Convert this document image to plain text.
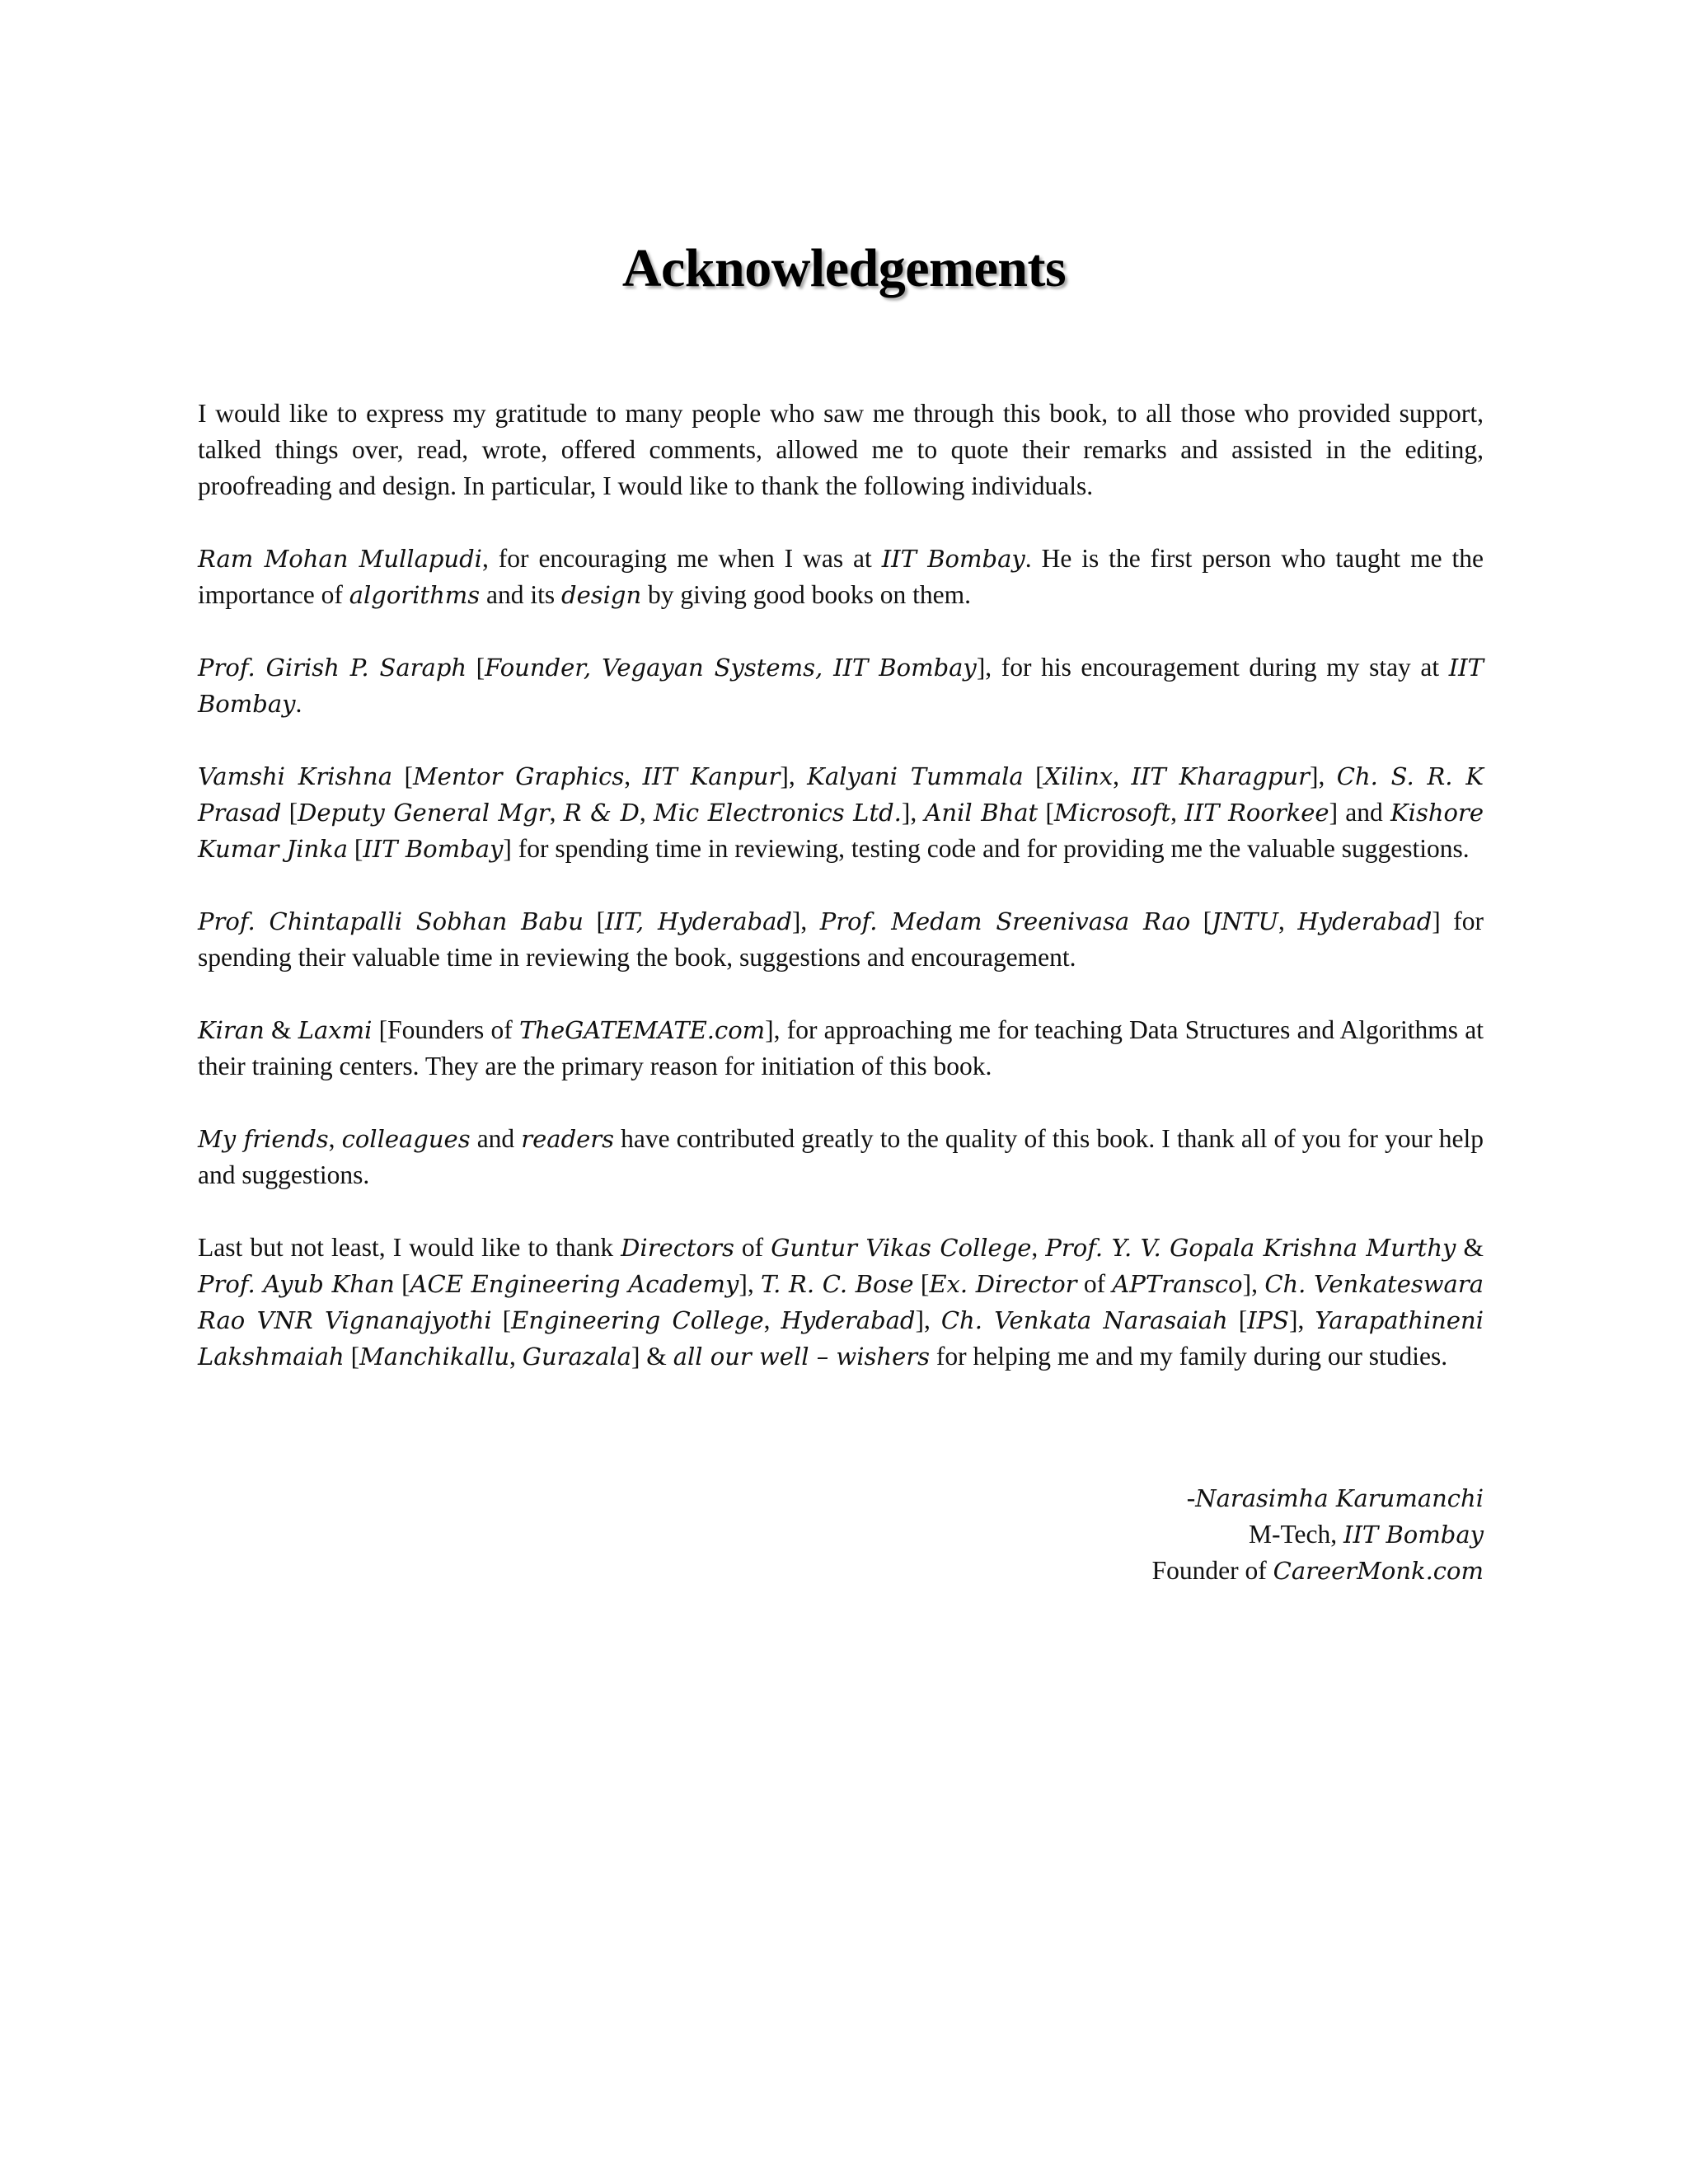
Acknowledgements

I would like to express my gratitude to many people who saw me through this book, to all those who provided support, talked things over, read, wrote, offered comments, allowed me to quote their remarks and assisted in the editing, proofreading and design. In particular, I would like to thank the following individuals.

Ram Mohan Mullapudi, for encouraging me when I was at IIT Bombay. He is the first person who taught me the importance of algorithms and its design by giving good books on them.

Prof. Girish P. Saraph [Founder, Vegayan Systems, IIT Bombay], for his encouragement during my stay at IIT Bombay.

Vamshi Krishna [Mentor Graphics, IIT Kanpur], Kalyani Tummala [Xilinx, IIT Kharagpur], Ch. S. R. K Prasad [Deputy General Mgr, R & D, Mic Electronics Ltd.], Anil Bhat [Microsoft, IIT Roorkee] and Kishore Kumar Jinka [IIT Bombay] for spending time in reviewing, testing code and for providing me the valuable suggestions.

Prof. Chintapalli Sobhan Babu [IIT, Hyderabad], Prof. Medam Sreenivasa Rao [JNTU, Hyderabad] for spending their valuable time in reviewing the book, suggestions and encouragement.

Kiran & Laxmi [Founders of TheGATEMATE.com], for approaching me for teaching Data Structures and Algorithms at their training centers. They are the primary reason for initiation of this book.

My friends, colleagues and readers have contributed greatly to the quality of this book. I thank all of you for your help and suggestions.

Last but not least, I would like to thank Directors of Guntur Vikas College, Prof. Y. V. Gopala Krishna Murthy & Prof. Ayub Khan [ACE Engineering Academy], T. R. C. Bose [Ex. Director of APTransco], Ch. Venkateswara Rao VNR Vignanajyothi [Engineering College, Hyderabad], Ch. Venkata Narasaiah [IPS], Yarapathineni Lakshmaiah [Manchikallu, Gurazala] & all our well – wishers for helping me and my family during our studies.

-Narasimha Karumanchi
M-Tech, IIT Bombay
Founder of CareerMonk.com
